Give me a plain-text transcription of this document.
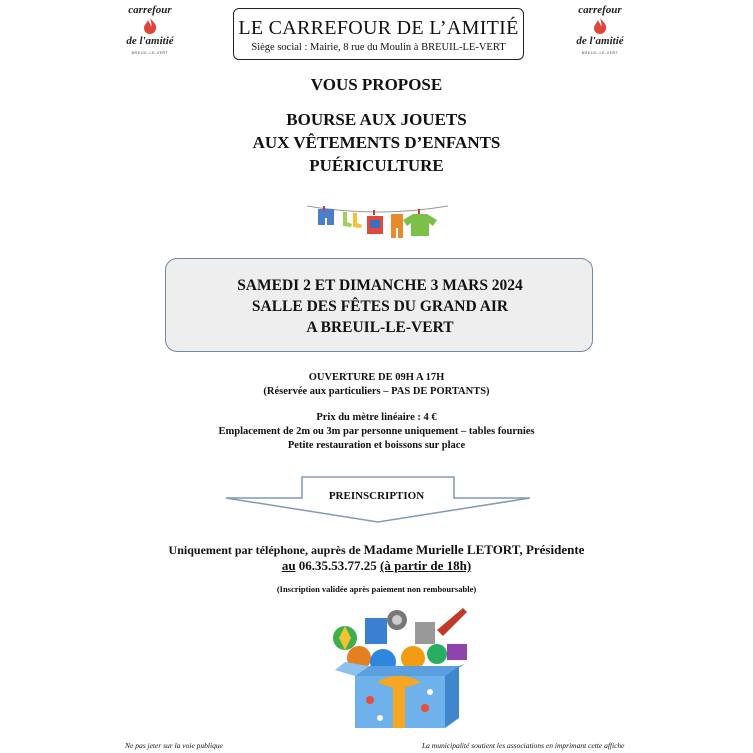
carrefour
de l'amitié
BREUIL-LE-VERT
carrefour
de l'amitié
BREUIL-LE-VERT
LE CARREFOUR DE L’AMITIÉ
Siège social : Mairie, 8 rue du Moulin à BREUIL-LE-VERT
VOUS PROPOSE
BOURSE AUX JOUETS
AUX VÊTEMENTS D’ENFANTS
PUÉRICULTURE
SAMEDI 2 ET DIMANCHE 3 MARS 2024
SALLE DES FÊTES DU GRAND AIR
A BREUIL-LE-VERT
OUVERTURE DE 09H A 17H
(Réservée aux particuliers – PAS DE PORTANTS)
Prix du mètre linéaire : 4 €
Emplacement de 2m ou 3m par personne uniquement – tables fournies
Petite restauration et boissons sur place
PREINSCRIPTION
Uniquement par téléphone, auprès de Madame Murielle LETORT, Présidente
au 06.35.53.77.25 (à partir de 18h)
(Inscription validée après paiement non remboursable)
Ne pas jeter sur la voie publique	La municipalité soutient les associations en imprimant cette affiche
